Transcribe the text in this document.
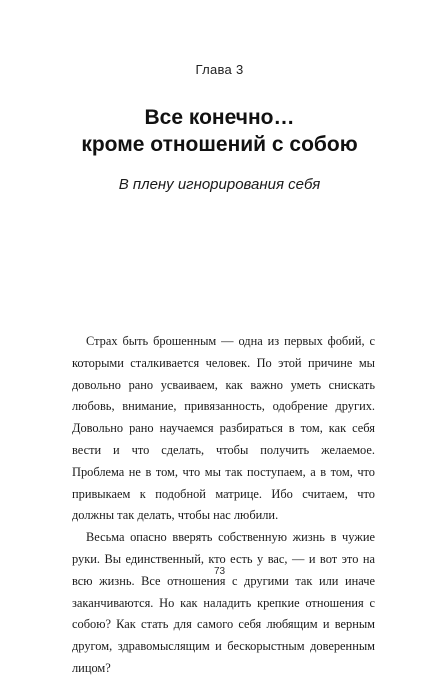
Глава 3
Все конечно…
кроме отношений с собою
В плену игнорирования себя

Страх быть брошенным — одна из первых фобий, с которыми сталкивается человек. По этой причине мы довольно рано усваиваем, как важно уметь снискать любовь, внимание, привязанность, одобрение других. Довольно рано научаемся разбираться в том, как себя вести и что сделать, чтобы получить желаемое. Проблема не в том, что мы так поступаем, а в том, что привыкаем к подобной матрице. Ибо считаем, что должны так делать, чтобы нас любили.

Весьма опасно вверять собственную жизнь в чужие руки. Вы единственный, кто есть у вас, — и вот это на всю жизнь. Все отношения с другими так или иначе заканчиваются. Но как наладить крепкие отношения с собою? Как стать для самого себя любящим и верным другом, здравомыслящим и бескорыстным доверенным лицом?

73
